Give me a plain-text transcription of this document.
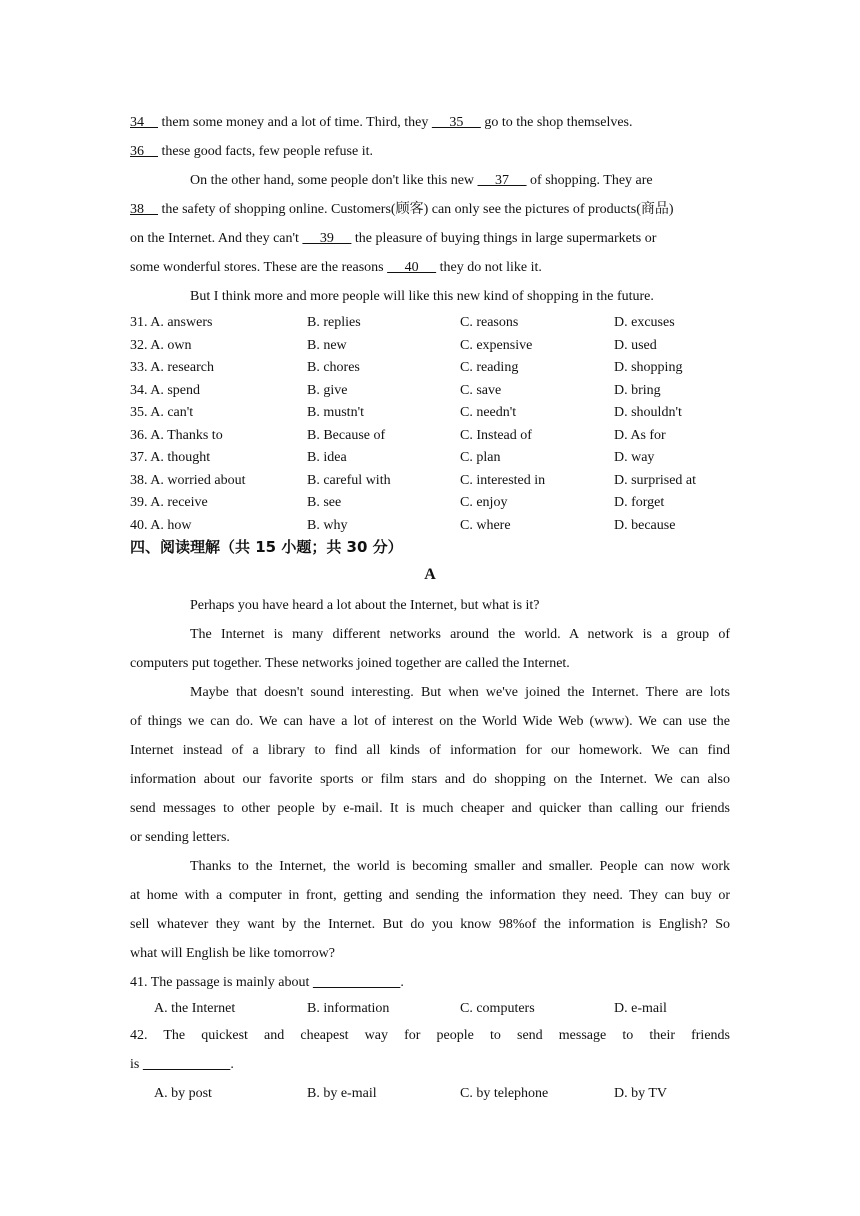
34     them some money and a lot of time. Third, they      35      go to the shop themselves.
36     these good facts, few people refuse it.
On the other hand, some people don't like this new      37      of shopping. They are
38     the safety of shopping online. Customers(顾客) can only see the pictures of products(商品)
on the Internet. And they can't      39      the pleasure of buying things in large supermarkets or
some wonderful stores. These are the reasons      40      they do not like it.
But I think more and more people will like this new kind of shopping in the future.
31. A. answers	B. replies	C. reasons	D. excuses
32. A. own	B. new	C. expensive	D. used
33. A. research	B. chores	C. reading	D. shopping
34. A. spend	B. give	C. save	D. bring
35. A. can't	B. mustn't	C. needn't	D. shouldn't
36. A. Thanks to	B. Because of	C. Instead of	D. As for
37. A. thought	B. idea	C. plan	D. way
38. A. worried about	B. careful with	C. interested in	D. surprised at
39. A. receive	B. see	C. enjoy	D. forget
40. A. how	B. why	C. where	D. because
四、阅读理解（共 15 小题；共 30 分）
A
Perhaps you have heard a lot about the Internet, but what is it?
The Internet is many different networks around the world. A network is a group of
computers put together. These networks joined together are called the Internet.
Maybe that doesn't sound interesting. But when we've joined the Internet. There are lots
of things we can do. We can have a lot of interest on the World Wide Web (www). We can use the
Internet instead of a library to find all kinds of information for our homework. We can find
information about our favorite sports or film stars and do shopping on the Internet. We can also
send messages to other people by e-mail. It is much cheaper and quicker than calling our friends
or sending letters.
Thanks to the Internet, the world is becoming smaller and smaller. People can now work
at home with a computer in front, getting and sending the information they need. They can buy or
sell whatever they want by the Internet. But do you know 98%of the information is English? So
what will English be like tomorrow?
41. The passage is mainly about	.
A. the Internet	B. information	C. computers	D. e-mail
42. The quickest and cheapest way for people to send message to their friends
is	.
A. by post	B. by e-mail	C. by telephone	D. by TV
